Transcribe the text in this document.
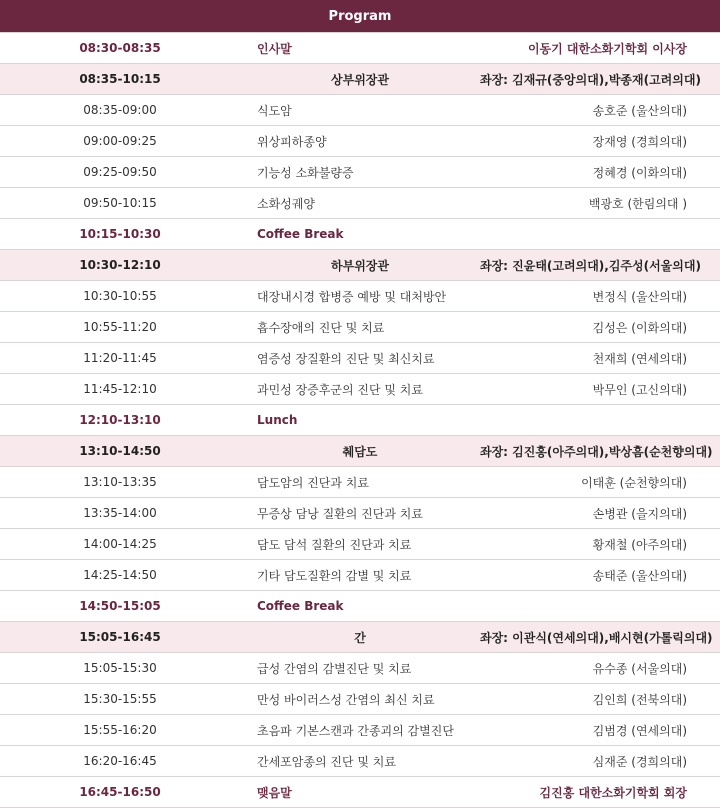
Program		
08:30-08:35	인사말	이동기 대한소화기학회 이사장
08:35-10:15	상부위장관	좌장: 김재규(중앙의대),박종재(고려의대)
08:35-09:00	식도암	송호준 (울산의대)
09:00-09:25	위상피하종양	장재영 (경희의대)
09:25-09:50	기능성 소화불량증	정혜경 (이화의대)
09:50-10:15	소화성궤양	백광호 (한림의대 )
10:15-10:30	Coffee Break	
10:30-12:10	하부위장관	좌장: 진윤태(고려의대),김주성(서울의대)
10:30-10:55	대장내시경 합병증 예방 및 대처방안	변정식 (울산의대)
10:55-11:20	흡수장애의 진단 및 치료	김성은 (이화의대)
11:20-11:45	염증성 장질환의 진단 및 최신치료	천재희 (연세의대)
11:45-12:10	과민성 장증후군의 진단 및 치료	박무인 (고신의대)
12:10-13:10	Lunch	
13:10-14:50	췌담도	좌장: 김진홍(아주의대),박상흠(순천향의대)
13:10-13:35	담도암의 진단과 치료	이태훈 (순천향의대)
13:35-14:00	무증상 담낭 질환의 진단과 치료	손병관 (을지의대)
14:00-14:25	담도 담석 질환의 진단과 치료	황재철 (아주의대)
14:25-14:50	기타 담도질환의 감별 및 치료	송태준 (울산의대)
14:50-15:05	Coffee Break	
15:05-16:45	간	좌장: 이관식(연세의대),배시현(가톨릭의대)
15:05-15:30	급성 간염의 감별진단 및 치료	유수종 (서울의대)
15:30-15:55	만성 바이러스성 간염의 최신 치료	김인희 (전북의대)
15:55-16:20	초음파 기본스캔과 간종괴의 감별진단	김범경 (연세의대)
16:20-16:45	간세포암종의 진단 및 치료	심재준 (경희의대)
16:45-16:50	맺음말	김진홍 대한소화기학회 회장
